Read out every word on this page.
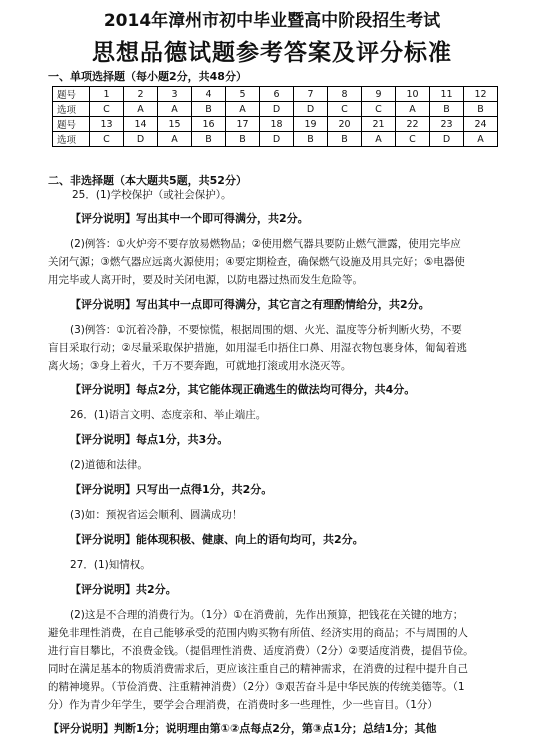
2014年漳州市初中毕业暨高中阶段招生考试
思想品德试题参考答案及评分标准
一、单项选择题（每小题2分，共48分）
题号	1	2	3	4	5	6	7	8	9	10	11	12
选项	C	A	A	B	A	D	D	C	C	A	B	B
题号	13	14	15	16	17	18	19	20	21	22	23	24
选项	C	D	A	B	B	D	B	B	A	C	D	A
二、非选择题（本大题共5题，共52分）
25．(1)学校保护（或社会保护）。
【评分说明】写出其中一个即可得满分，共2分。
(2)例答：①火炉旁不要存放易燃物品；②使用燃气器具要防止燃气泄露，使用完毕应
关闭气源；③燃气器应远离火源使用；④要定期检查，确保燃气设施及用具完好；⑤电器使
用完毕或人离开时，要及时关闭电源，以防电器过热而发生危险等。
【评分说明】写出其中一点即可得满分，其它言之有理酌情给分，共2分。
(3)例答：①沉着冷静，不要惊慌，根据周围的烟、火光、温度等分析判断火势，不要
盲目采取行动；②尽量采取保护措施，如用湿毛巾捂住口鼻、用湿衣物包裹身体，匍匐着逃
离火场；③身上着火，千万不要奔跑，可就地打滚或用水浇灭等。
【评分说明】每点2分，其它能体现正确逃生的做法均可得分，共4分。
26．(1)语言文明、态度亲和、举止端庄。
【评分说明】每点1分，共3分。
(2)道德和法律。
【评分说明】只写出一点得1分，共2分。
(3)如：预祝省运会顺利、圆满成功！
【评分说明】能体现积极、健康、向上的语句均可，共2分。
27．(1)知情权。
【评分说明】共2分。
(2)这是不合理的消费行为。（1分）①在消费前，先作出预算，把钱花在关键的地方；
避免非理性消费，在自己能够承受的范围内购买物有所值、经济实用的商品；不与周围的人
进行盲目攀比，不浪费金钱。（提倡理性消费、适度消费）（2分）②要适度消费，提倡节俭。
同时在满足基本的物质消费需求后，更应该注重自己的精神需求，在消费的过程中提升自己
的精神境界。（节俭消费、注重精神消费）（2分）③艰苦奋斗是中华民族的传统美德等。（1
分）作为青少年学生，要学会合理消费，在消费时多一些理性，少一些盲目。（1分）
【评分说明】判断1分；说明理由第①②点每点2分，第③点1分；总结1分；其他
